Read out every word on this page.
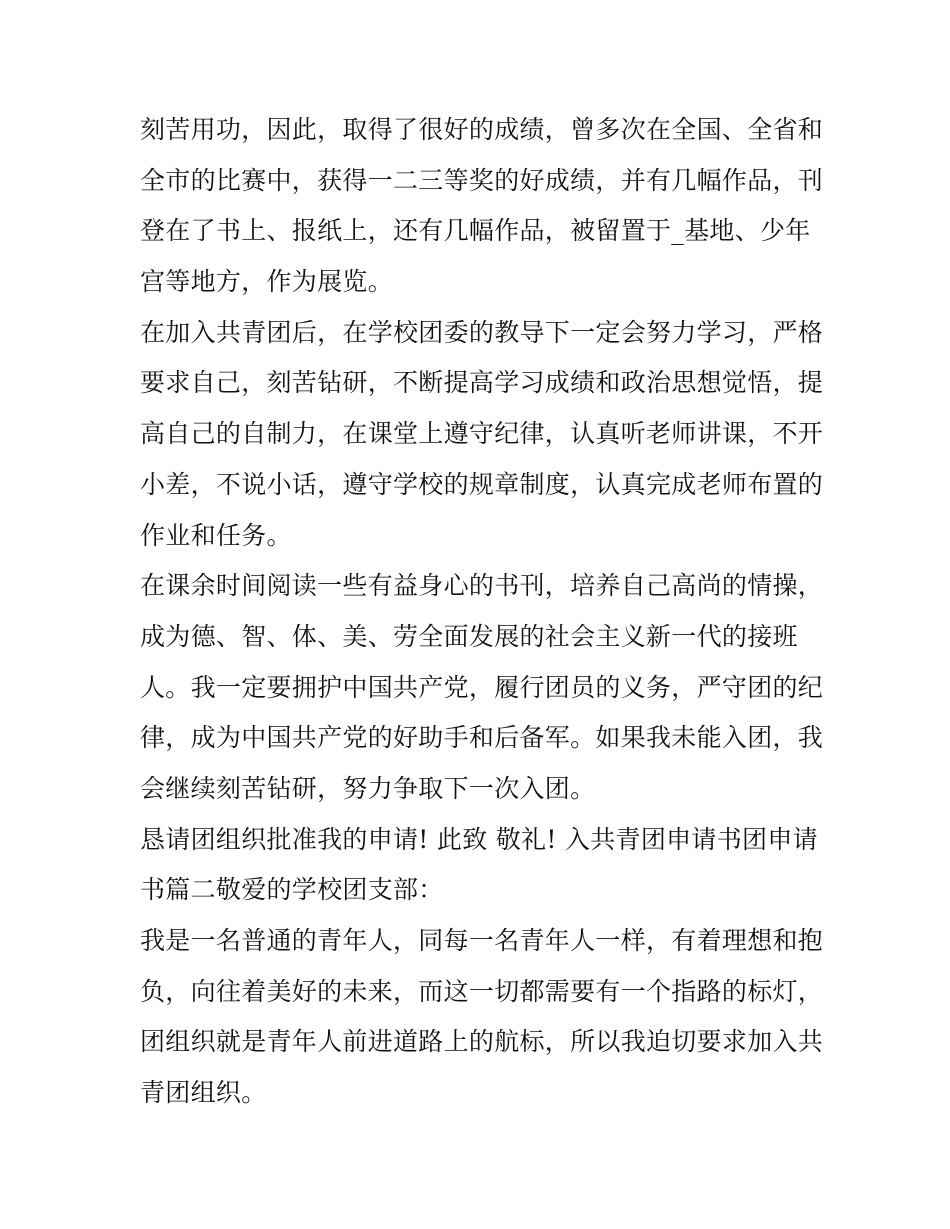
刻苦用功，因此，取得了很好的成绩，曾多次在全国、全省和
全市的比赛中，获得一二三等奖的好成绩，并有几幅作品，刊
登在了书上、报纸上，还有几幅作品，被留置于_基地、少年
宫等地方，作为展览。
在加入共青团后，在学校团委的教导下一定会努力学习，严格
要求自己，刻苦钻研，不断提高学习成绩和政治思想觉悟，提
高自己的自制力，在课堂上遵守纪律，认真听老师讲课，不开
小差，不说小话，遵守学校的规章制度，认真完成老师布置的
作业和任务。
在课余时间阅读一些有益身心的书刊，培养自己高尚的情操，
成为德、智、体、美、劳全面发展的社会主义新一代的接班
人。我一定要拥护中国共产党，履行团员的义务，严守团的纪
律，成为中国共产党的好助手和后备军。如果我未能入团，我
会继续刻苦钻研，努力争取下一次入团。
恳请团组织批准我的申请! 此致 敬礼! 入共青团申请书团申请
书篇二敬爱的学校团支部：
我是一名普通的青年人，同每一名青年人一样，有着理想和抱
负，向往着美好的未来，而这一切都需要有一个指路的标灯，
团组织就是青年人前进道路上的航标，所以我迫切要求加入共
青团组织。
